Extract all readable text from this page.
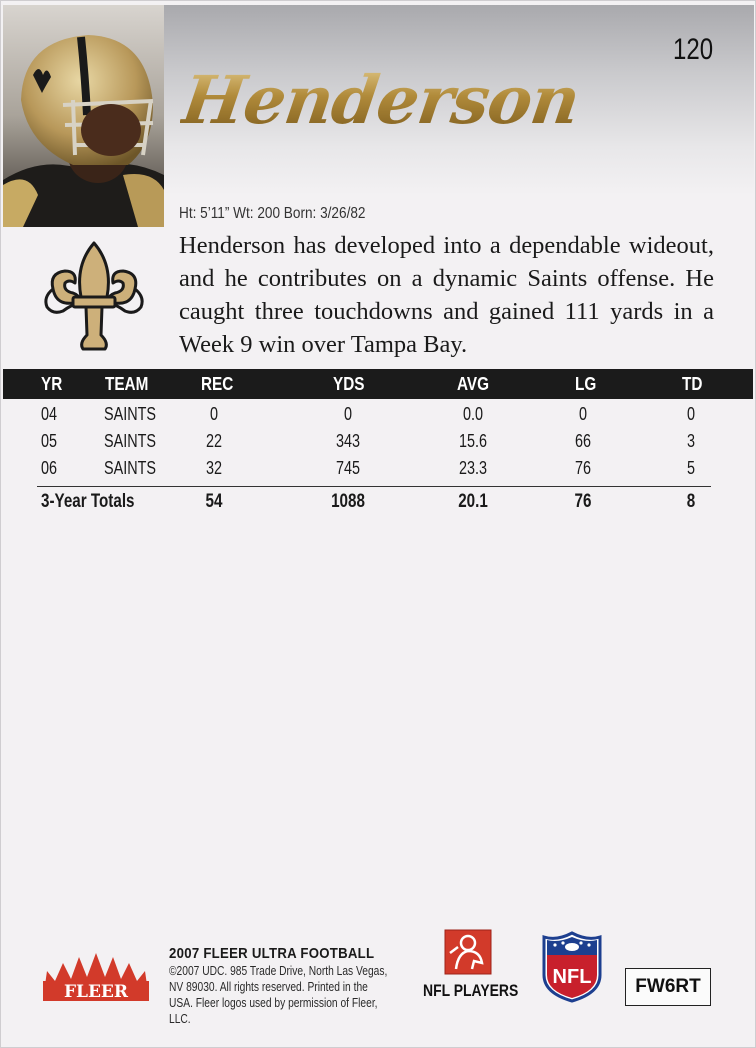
120
Henderson
Ht: 5’11” Wt: 200 Born: 3/26/82

Henderson has developed into a dependable wideout, and he contributes on a dynamic Saints offense. He caught three touchdowns and gained 111 yards in a Week 9 win over Tampa Bay.

YR TEAM	REC	YDS	AVG	LG	TD
04	SAINTS	0	0	0.0	0	0
05	SAINTS	22	343	15.6	66	3
06	SAINTS	32	745	23.3	76	5
3-Year Totals	54	1088	20.1	76	8
FLEER
2007 FLEER ULTRA FOOTBALL

©2007 UDC. 985 Trade Drive, North Las Vegas, NV 89030. All rights reserved. Printed in the USA. Fleer logos used by permission of Fleer, LLC.

NFL PLAYERS
NFL	FW6RT
